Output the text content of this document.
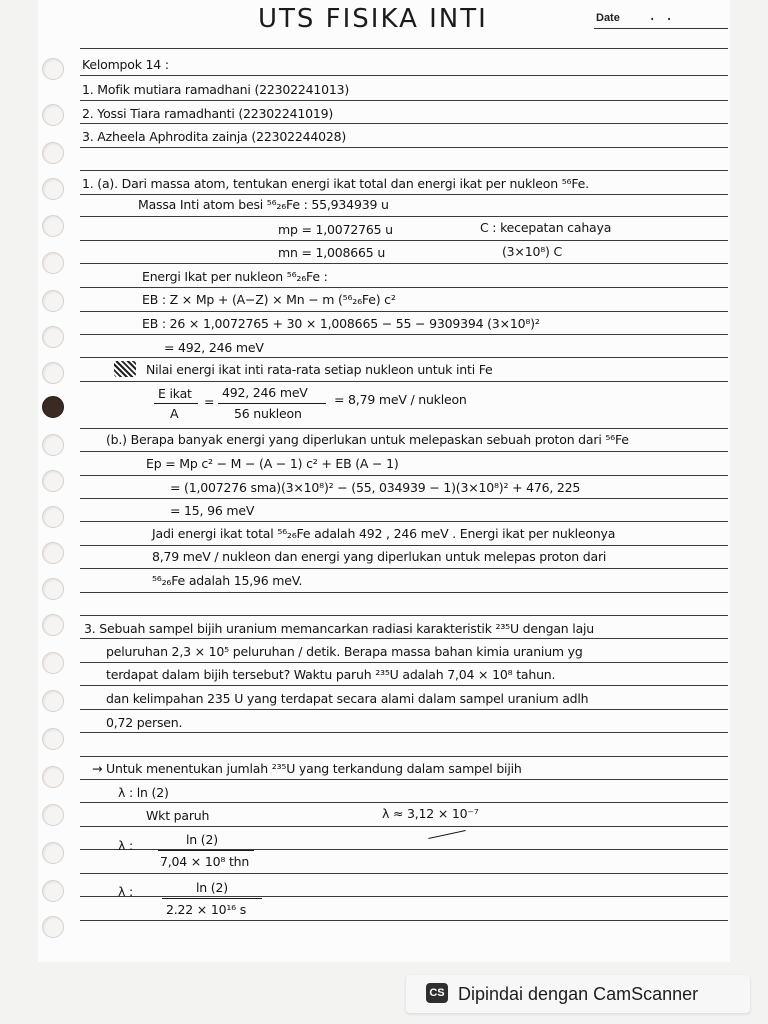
UTS FISIKA INTI	Date . .
Kelompok 14 :
1. Mofik mutiara ramadhani (22302241013)
2. Yossi Tiara ramadhanti (22302241019)
3. Azheela Aphrodita zainja (22302244028)
1. (a). Dari massa atom, tentukan energi ikat total dan energi ikat per nukleon ⁵⁶Fe.
Massa Inti atom besi ⁵⁶₂₆Fe : 55,934939 u
mp = 1,0072765 u	C : kecepatan cahaya
mn = 1,008665 u	(3×10⁸) C
Energi Ikat per nukleon ⁵⁶₂₆Fe :
EB : Z × Mp + (A−Z) × Mn − m (⁵⁶₂₆Fe) c²
EB : 26 × 1,0072765 + 30 × 1,008665 − 55 − 9309394 (3×10⁸)²
= 492, 246 meV
Nilai energi ikat inti rata-rata setiap nukleon untuk inti Fe
E ikat
A
=
492, 246 meV
56 nukleon
= 8,79 meV / nukleon
(b.) Berapa banyak energi yang diperlukan untuk melepaskan sebuah proton dari ⁵⁶Fe
Ep = Mp c² − M − (A − 1) c² + EB (A − 1)
= (1,007276 sma)(3×10⁸)² − (55, 034939 − 1)(3×10⁸)² + 476, 225
= 15, 96 meV
Jadi energi ikat total ⁵⁶₂₆Fe adalah 492 , 246 meV . Energi ikat per nukleonya
8,79 meV / nukleon dan energi yang diperlukan untuk melepas proton dari
⁵⁶₂₆Fe adalah 15,96 meV.
3. Sebuah sampel bijih uranium memancarkan radiasi karakteristik ²³⁵U dengan laju
peluruhan 2,3 × 10⁵ peluruhan / detik. Berapa massa bahan kimia uranium yg
terdapat dalam bijih tersebut? Waktu paruh ²³⁵U adalah 7,04 × 10⁸ tahun.
dan kelimpahan 235 U yang terdapat secara alami dalam sampel uranium adlh
0,72 persen.
→ Untuk menentukan jumlah ²³⁵U yang terkandung dalam sampel bijih
λ : ln (2)
Wkt paruh	λ ≈ 3,12 × 10⁻⁷
λ :	ln (2)
7,04 × 10⁸ thn
λ :	ln (2)
2.22 × 10¹⁶ s
CS Dipindai dengan CamScanner
